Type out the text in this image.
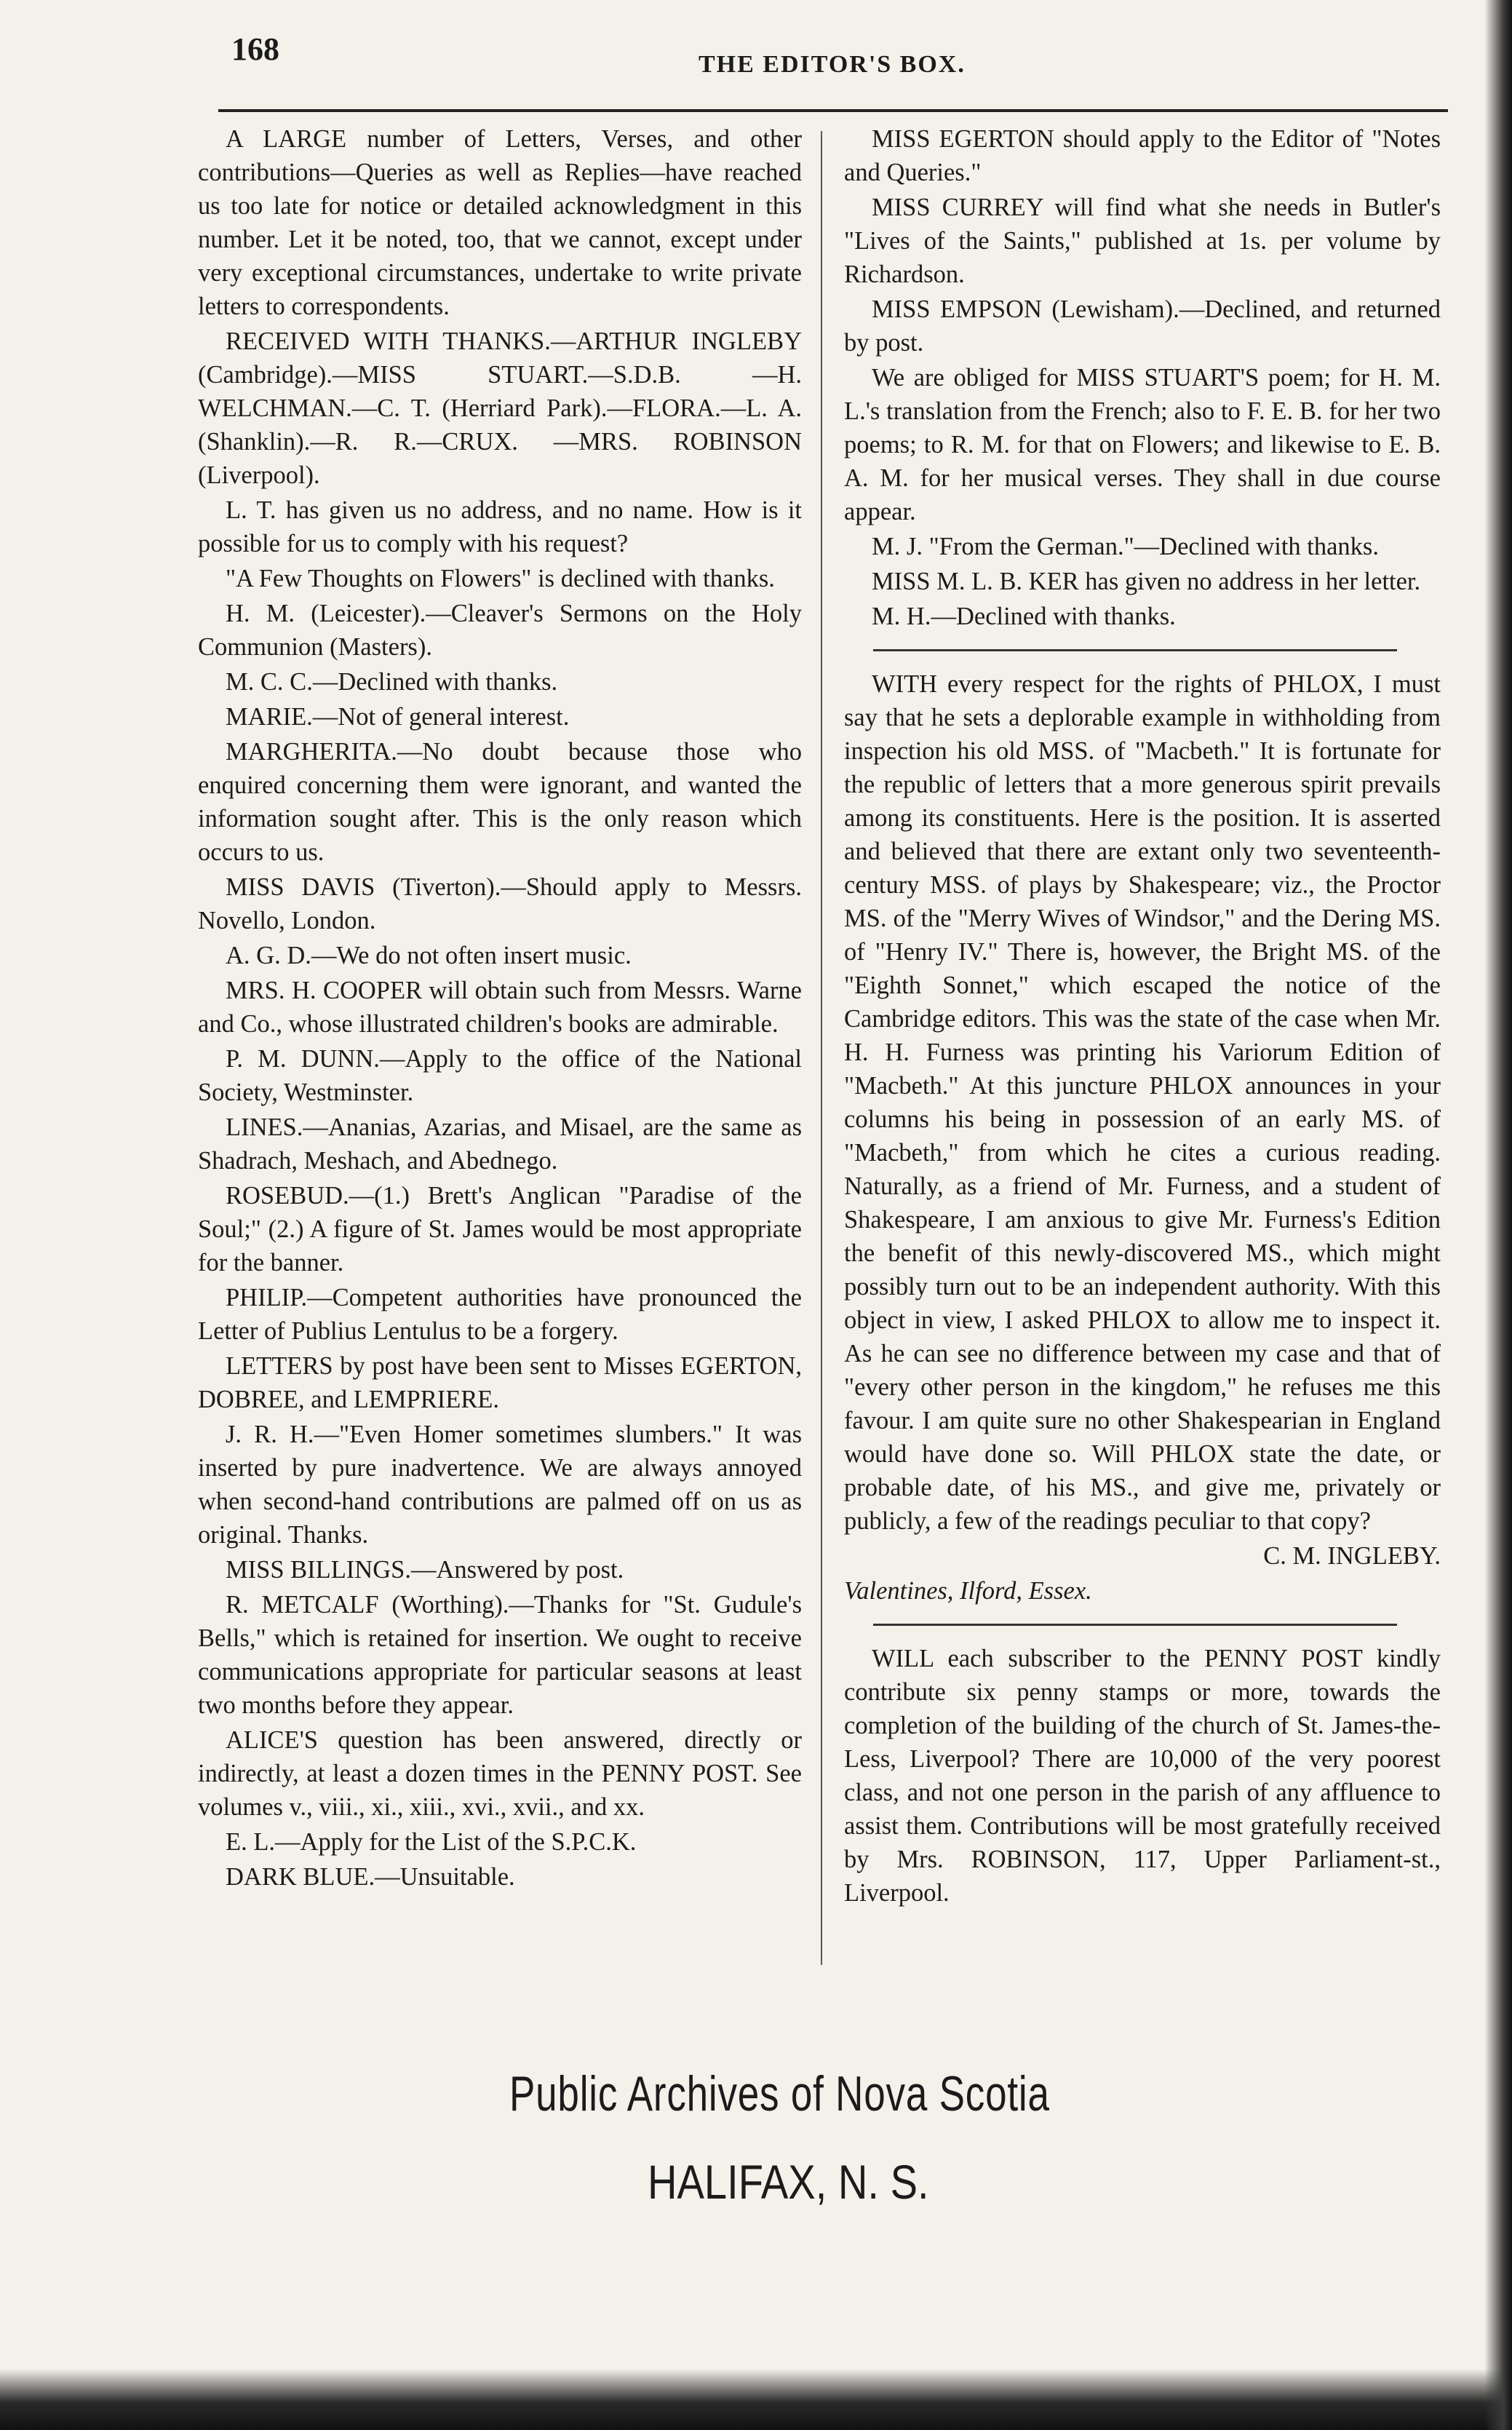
168	THE EDITOR'S BOX.

A LARGE number of Letters, Verses, and other contributions—Queries as well as Replies—have reached us too late for notice or detailed acknowledgment in this number. Let it be noted, too, that we cannot, except under very exceptional circumstances, undertake to write private letters to correspondents.

RECEIVED WITH THANKS.—ARTHUR INGLEBY (Cambridge).—MISS STUART.—S.D.B. —H. WELCHMAN.—C. T. (Herriard Park).—FLORA.—L. A. (Shanklin).—R. R.—CRUX. —MRS. ROBINSON (Liverpool).

L. T. has given us no address, and no name. How is it possible for us to comply with his request?

"A Few Thoughts on Flowers" is declined with thanks.

H. M. (Leicester).—Cleaver's Sermons on the Holy Communion (Masters).

M. C. C.—Declined with thanks.

MARIE.—Not of general interest.

MARGHERITA.—No doubt because those who enquired concerning them were ignorant, and wanted the information sought after. This is the only reason which occurs to us.

MISS DAVIS (Tiverton).—Should apply to Messrs. Novello, London.

A. G. D.—We do not often insert music.

MRS. H. COOPER will obtain such from Messrs. Warne and Co., whose illustrated children's books are admirable.

P. M. DUNN.—Apply to the office of the National Society, Westminster.

LINES.—Ananias, Azarias, and Misael, are the same as Shadrach, Meshach, and Abednego.

ROSEBUD.—(1.) Brett's Anglican "Paradise of the Soul;" (2.) A figure of St. James would be most appropriate for the banner.

PHILIP.—Competent authorities have pronounced the Letter of Publius Lentulus to be a forgery.

LETTERS by post have been sent to Misses EGERTON, DOBREE, and LEMPRIERE.

J. R. H.—"Even Homer sometimes slumbers." It was inserted by pure inadvertence. We are always annoyed when second-hand contributions are palmed off on us as original. Thanks.

MISS BILLINGS.—Answered by post.

R. METCALF (Worthing).—Thanks for "St. Gudule's Bells," which is retained for insertion. We ought to receive communications appropriate for particular seasons at least two months before they appear.

ALICE'S question has been answered, directly or indirectly, at least a dozen times in the PENNY POST. See volumes v., viii., xi., xiii., xvi., xvii., and xx.

E. L.—Apply for the List of the S.P.C.K.

DARK BLUE.—Unsuitable.

MISS EGERTON should apply to the Editor of "Notes and Queries."

MISS CURREY will find what she needs in Butler's "Lives of the Saints," published at 1s. per volume by Richardson.

MISS EMPSON (Lewisham).—Declined, and returned by post.

We are obliged for MISS STUART'S poem; for H. M. L.'s translation from the French; also to F. E. B. for her two poems; to R. M. for that on Flowers; and likewise to E. B. A. M. for her musical verses. They shall in due course appear.

M. J. "From the German."—Declined with thanks.

MISS M. L. B. KER has given no address in her letter.

M. H.—Declined with thanks.

WITH every respect for the rights of PHLOX, I must say that he sets a deplorable example in withholding from inspection his old MSS. of "Macbeth." It is fortunate for the republic of letters that a more generous spirit prevails among its constituents. Here is the position. It is asserted and believed that there are extant only two seventeenth-century MSS. of plays by Shakespeare; viz., the Proctor MS. of the "Merry Wives of Windsor," and the Dering MS. of "Henry IV." There is, however, the Bright MS. of the "Eighth Sonnet," which escaped the notice of the Cambridge editors. This was the state of the case when Mr. H. H. Furness was printing his Variorum Edition of "Macbeth." At this juncture PHLOX announces in your columns his being in possession of an early MS. of "Macbeth," from which he cites a curious reading. Naturally, as a friend of Mr. Furness, and a student of Shakespeare, I am anxious to give Mr. Furness's Edition the benefit of this newly-discovered MS., which might possibly turn out to be an independent authority. With this object in view, I asked PHLOX to allow me to inspect it. As he can see no difference between my case and that of "every other person in the kingdom," he refuses me this favour. I am quite sure no other Shakespearian in England would have done so. Will PHLOX state the date, or probable date, of his MS., and give me, privately or publicly, a few of the readings peculiar to that copy?

C. M. INGLEBY.

Valentines, Ilford, Essex.

WILL each subscriber to the PENNY POST kindly contribute six penny stamps or more, towards the completion of the building of the church of St. James-the-Less, Liverpool? There are 10,000 of the very poorest class, and not one person in the parish of any affluence to assist them. Contributions will be most gratefully received by Mrs. ROBINSON, 117, Upper Parliament-st., Liverpool.

Public Archives of Nova Scotia
HALIFAX, N. S.
